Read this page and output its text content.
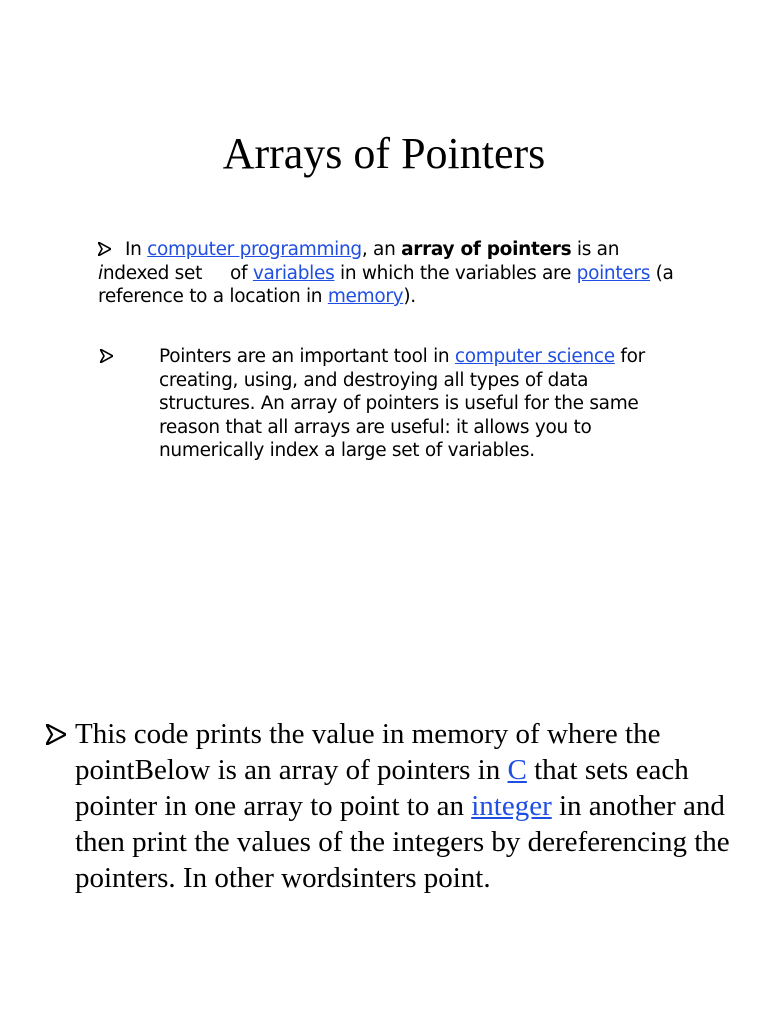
Arrays of Pointers

In computer programming, an array of pointers is an
indexed set of variables in which the variables are pointers (a reference to a location in memory).

Pointers are an important tool in computer science for creating, using, and destroying all types of data structures. An array of pointers is useful for the same reason that all arrays are useful: it allows you to numerically index a large set of variables.

This code prints the value in memory of where the pointBelow is an array of pointers in C that sets each pointer in one array to point to an integer in another and then print the values of the integers by dereferencing the pointers. In other wordsinters point.
